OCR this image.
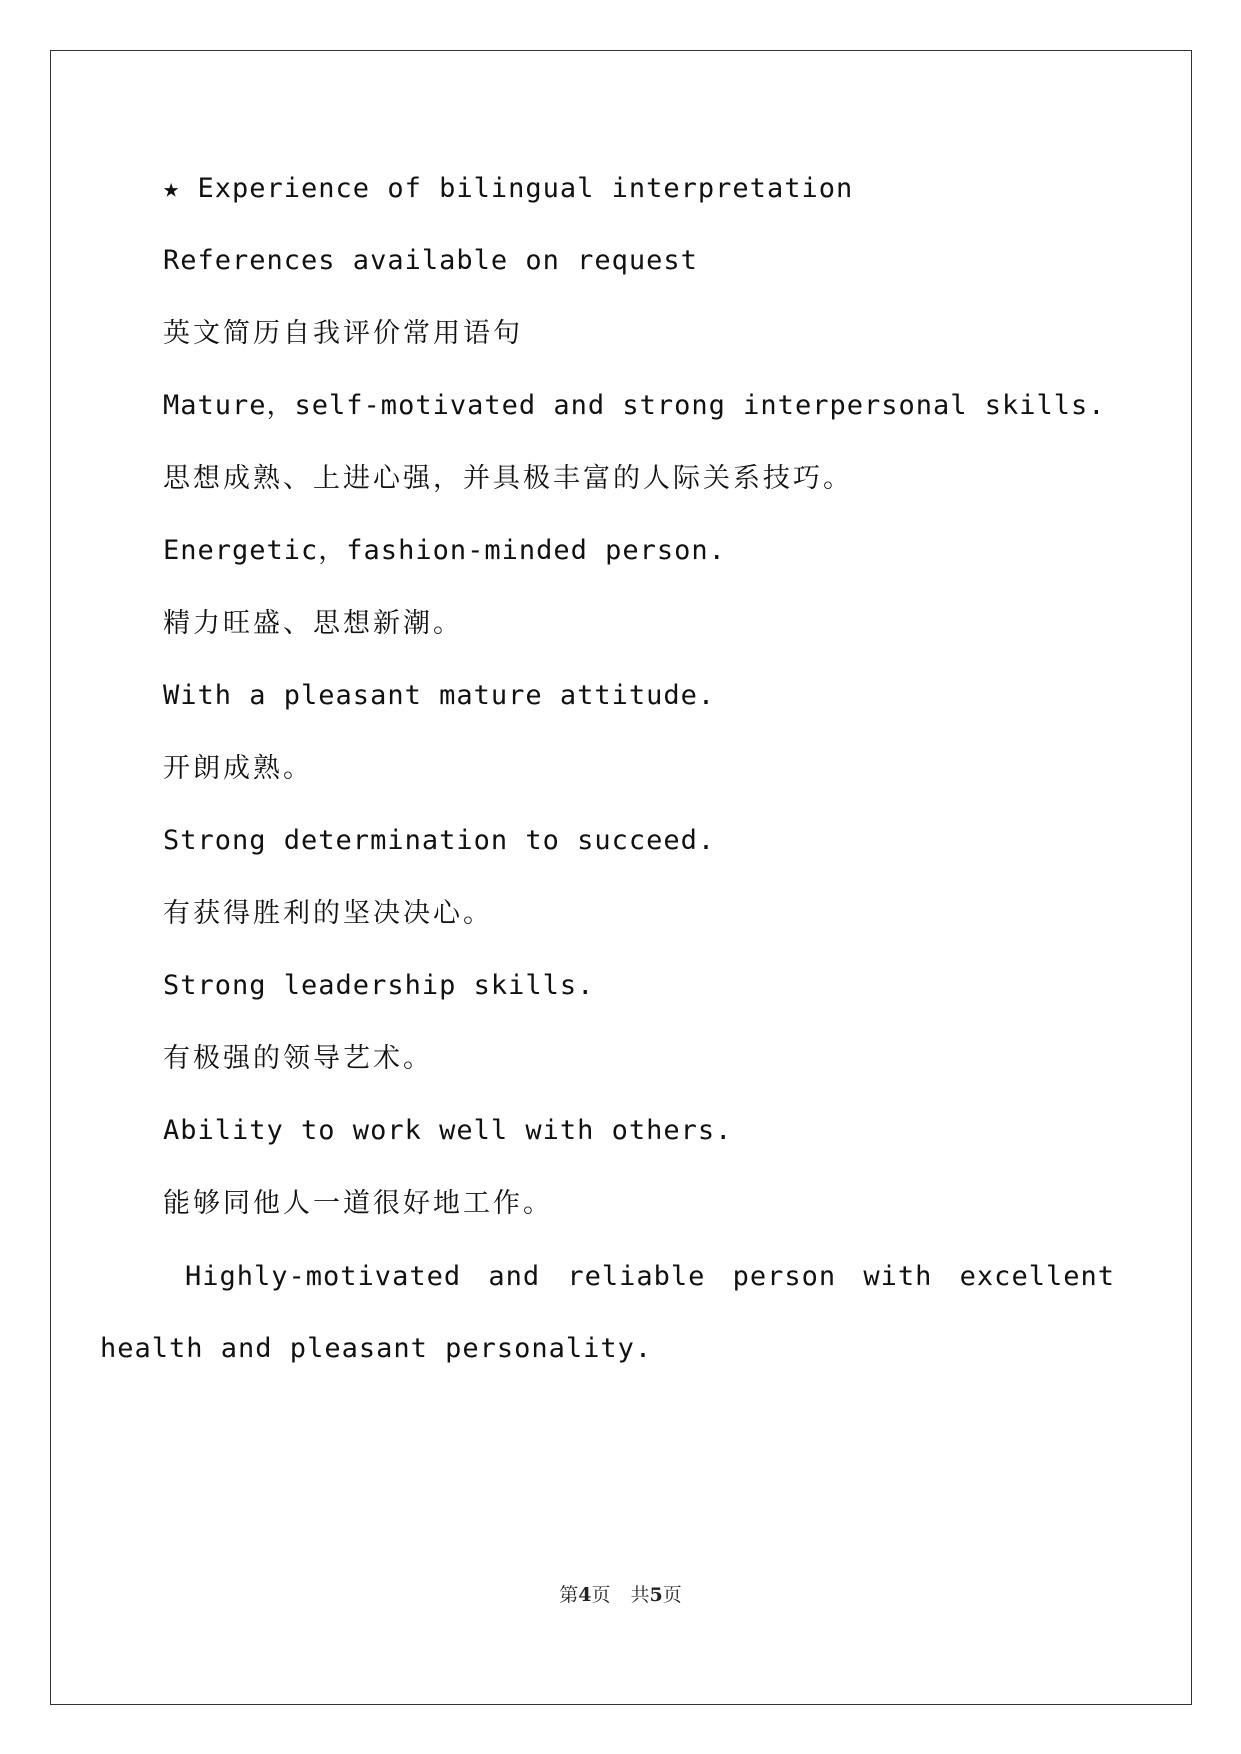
★ Experience of bilingual interpretation
References available on request
英文简历自我评价常用语句
Mature，self-motivated and strong interpersonal skills.
思想成熟、上进心强，并具极丰富的人际关系技巧。
Energetic，fashion-minded person.
精力旺盛、思想新潮。
With a pleasant mature attitude.
开朗成熟。
Strong determination to succeed.
有获得胜利的坚决决心。
Strong leadership skills.
有极强的领导艺术。
Ability to work well with others.
能够同他人一道很好地工作。
Highly-motivated and reliable person with excellent
health and pleasant personality.
第4页 共5页
